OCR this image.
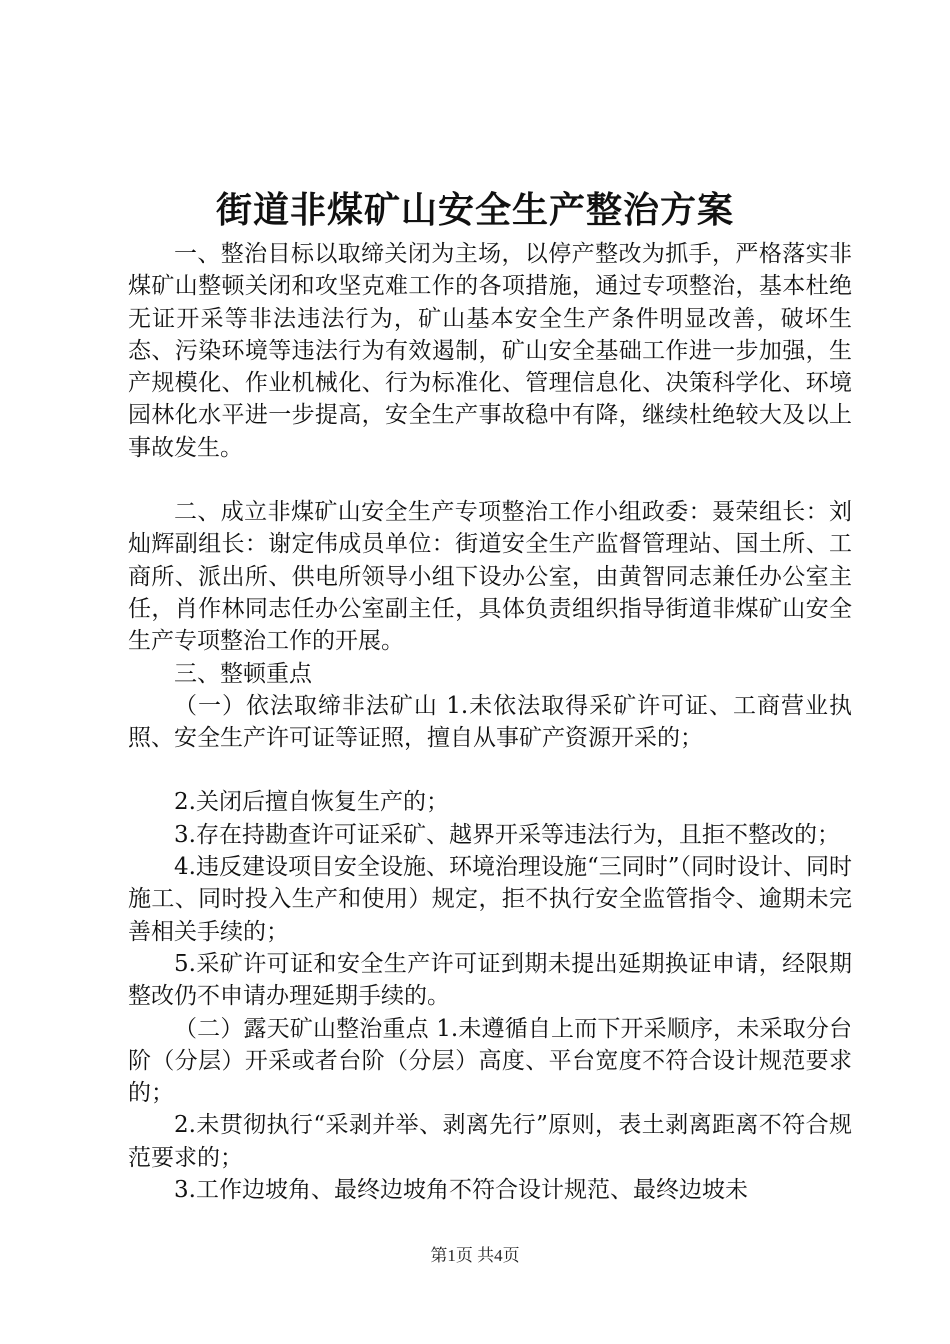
街道非煤矿山安全生产整治方案

一、整治目标以取缔关闭为主场，以停产整改为抓手，严格落实非煤矿山整顿关闭和攻坚克难工作的各项措施，通过专项整治，基本杜绝无证开采等非法违法行为，矿山基本安全生产条件明显改善，破坏生态、污染环境等违法行为有效遏制，矿山安全基础工作进一步加强，生产规模化、作业机械化、行为标准化、管理信息化、决策科学化、环境园林化水平进一步提高，安全生产事故稳中有降，继续杜绝较大及以上事故发生。

二、成立非煤矿山安全生产专项整治工作小组政委：聂荣组长：刘灿辉副组长：谢定伟成员单位：街道安全生产监督管理站、国土所、工商所、派出所、供电所领导小组下设办公室，由黄智同志兼任办公室主任，肖作林同志任办公室副主任，具体负责组织指导街道非煤矿山安全生产专项整治工作的开展。

三、整顿重点

（一）依法取缔非法矿山 1.未依法取得采矿许可证、工商营业执照、安全生产许可证等证照，擅自从事矿产资源开采的；

2.关闭后擅自恢复生产的；

3.存在持勘查许可证采矿、越界开采等违法行为，且拒不整改的；

4.违反建设项目安全设施、环境治理设施“三同时”（同时设计、同时施工、同时投入生产和使用）规定，拒不执行安全监管指令、逾期未完善相关手续的；

5.采矿许可证和安全生产许可证到期未提出延期换证申请，经限期整改仍不申请办理延期手续的。

（二）露天矿山整治重点 1.未遵循自上而下开采顺序，未采取分台阶（分层）开采或者台阶（分层）高度、平台宽度不符合设计规范要求的；

2.未贯彻执行“采剥并举、剥离先行”原则，表土剥离距离不符合规范要求的；

3.工作边坡角、最终边坡角不符合设计规范、最终边坡未

第1页 共4页
